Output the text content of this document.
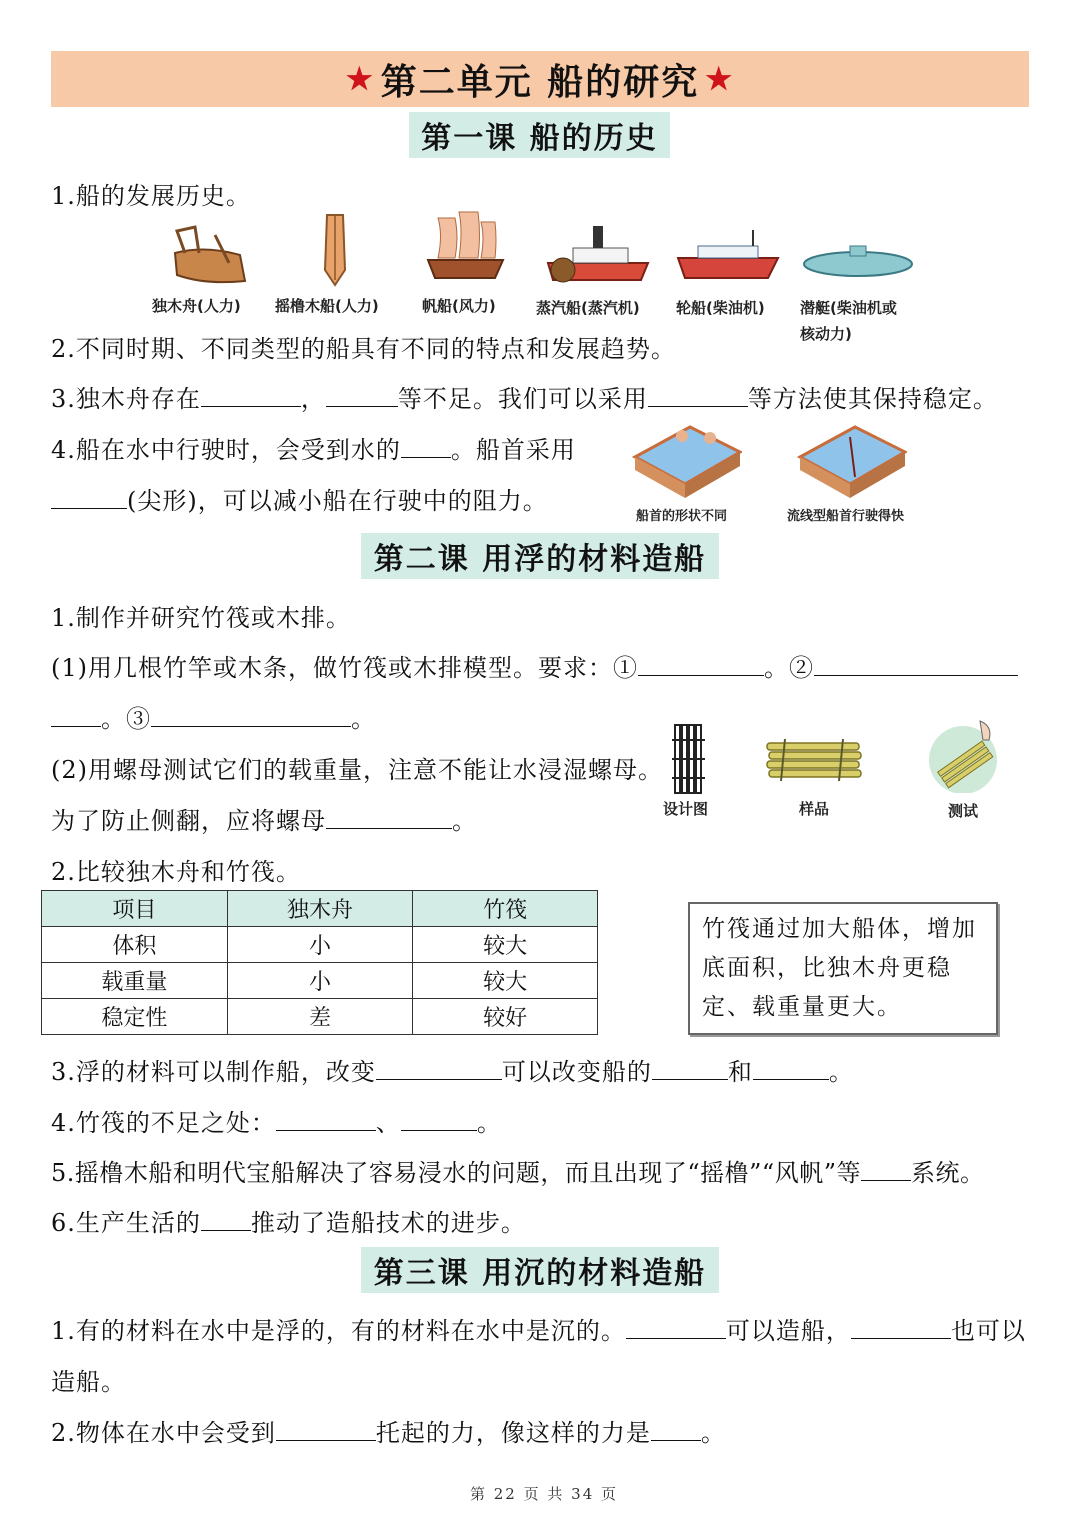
★ 第二单元 船的研究 ★
第一课 船的历史
1.船的发展历史。
独木舟(人力) 摇橹木船(人力)	帆船(风力)	蒸汽船(蒸汽机) 轮船(柴油机) 潜艇(柴油机或
核动力)
2.不同时期、不同类型的船具有不同的特点和发展趋势。
3.独木舟存在	，	等不足。我们可以采用	等方法使其保持稳定。
4.船在水中行驶时，会受到水的 。船首采用
(尖形)，可以减小船在行驶中的阻力。
船首的形状不同	流线型船首行驶得快
第二课 用浮的材料造船
1.制作并研究竹筏或木排。
(1)用几根竹竿或木条，做竹筏或木排模型。要求：①	。②
。③	。
(2)用螺母测试它们的载重量，注意不能让水浸湿螺母。
为了防止侧翻，应将螺母	。	设计图	样品	测试
2.比较独木舟和竹筏。
项目	独木舟	竹筏
体积	小	较大
载重量	小	较大
稳定性	差	较好
竹筏通过加大船体，增加底面积，比独木舟更稳定、载重量更大。
3.浮的材料可以制作船，改变	可以改变船的	和	。
4.竹筏的不足之处：	、	。
5.摇橹木船和明代宝船解决了容易浸水的问题，而且出现了“摇橹”“风帆”等 系统。
6.生产生活的 推动了造船技术的进步。
第三课 用沉的材料造船
1.有的材料在水中是浮的，有的材料在水中是沉的。	可以造船，	也可以
造船。
2.物体在水中会受到	托起的力，像这样的力是 。
第 22 页 共 34 页
